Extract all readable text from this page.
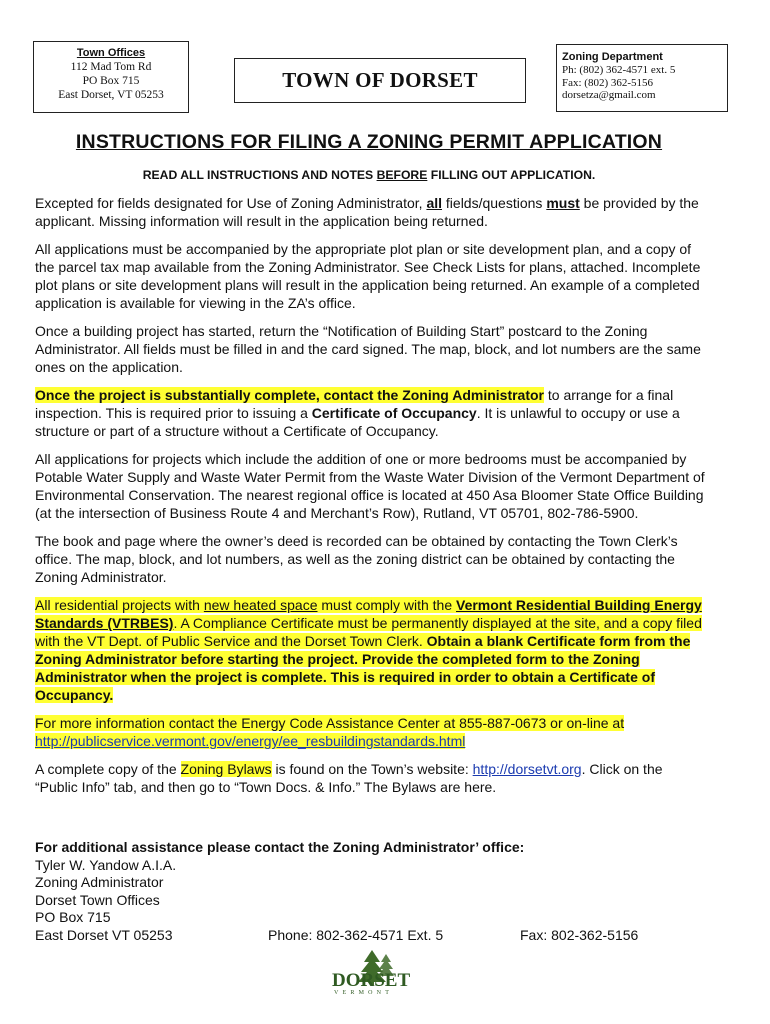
Town Offices
112 Mad Tom Rd
PO Box 715
East Dorset, VT 05253
TOWN OF DORSET
Zoning Department
Ph: (802) 362-4571 ext. 5
Fax: (802) 362-5156
dorsetza@gmail.com
INSTRUCTIONS FOR FILING A ZONING PERMIT APPLICATION
READ ALL INSTRUCTIONS AND NOTES BEFORE FILLING OUT APPLICATION.

Excepted for fields designated for Use of Zoning Administrator, all fields/questions must be provided by the applicant. Missing information will result in the application being returned.

All applications must be accompanied by the appropriate plot plan or site development plan, and a copy of the parcel tax map available from the Zoning Administrator. See Check Lists for plans, attached. Incomplete plot plans or site development plans will result in the application being returned. An example of a completed application is available for viewing in the ZA’s office.

Once a building project has started, return the “Notification of Building Start” postcard to the Zoning Administrator. All fields must be filled in and the card signed. The map, block, and lot numbers are the same ones on the application.

Once the project is substantially complete, contact the Zoning Administrator to arrange for a final inspection. This is required prior to issuing a Certificate of Occupancy. It is unlawful to occupy or use a structure or part of a structure without a Certificate of Occupancy.

All applications for projects which include the addition of one or more bedrooms must be accompanied by Potable Water Supply and Waste Water Permit from the Waste Water Division of the Vermont Department of Environmental Conservation. The nearest regional office is located at 450 Asa Bloomer State Office Building (at the intersection of Business Route 4 and Merchant’s Row), Rutland, VT 05701, 802-786-5900.

The book and page where the owner’s deed is recorded can be obtained by contacting the Town Clerk’s office. The map, block, and lot numbers, as well as the zoning district can be obtained by contacting the Zoning Administrator.

All residential projects with new heated space must comply with the Vermont Residential Building Energy Standards (VTRBES). A Compliance Certificate must be permanently displayed at the site, and a copy filed with the VT Dept. of Public Service and the Dorset Town Clerk. Obtain a blank Certificate form from the Zoning Administrator before starting the project. Provide the completed form to the Zoning Administrator when the project is complete. This is required in order to obtain a Certificate of Occupancy.

For more information contact the Energy Code Assistance Center at 855-887-0673 or on-line at http://publicservice.vermont.gov/energy/ee_resbuildingstandards.html

A complete copy of the Zoning Bylaws is found on the Town’s website: http://dorsetvt.org. Click on the “Public Info” tab, and then go to “Town Docs. & Info.” The Bylaws are here.

For additional assistance please contact the Zoning Administrator’ office:
Tyler W. Yandow A.I.A.
Zoning Administrator
Dorset Town Offices
PO Box 715
East Dorset VT 05253	Phone: 802-362-4571 Ext. 5	Fax: 802-362-5156
DORSET
VERMONT
